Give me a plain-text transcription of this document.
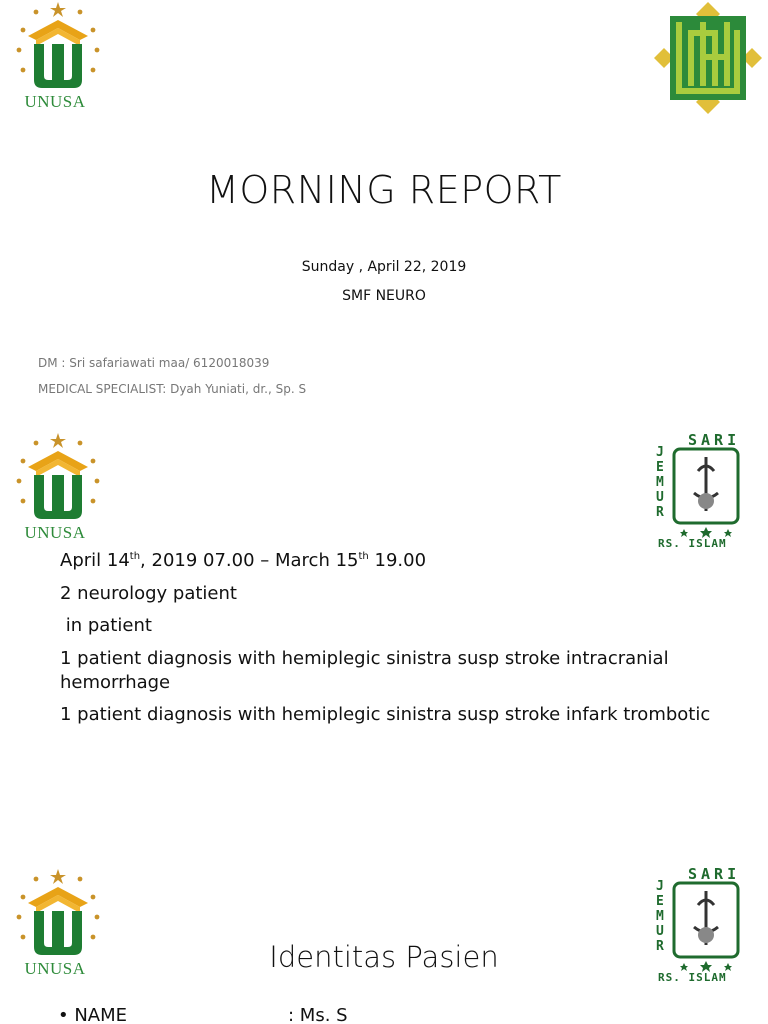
UNUSA
MORNING REPORT
Sunday , April 22, 2019
SMF NEURO
DM : Sri safariawati maa/ 6120018039
MEDICAL SPECIALIST: Dyah Yuniati, dr., Sp. S
UNUSA
SARI
JEMUR
RS. ISLAM
April 14th, 2019 07.00 – March 15th 19.00
2 neurology patient
in patient
1 patient diagnosis with hemiplegic sinistra susp stroke intracranial hemorrhage
1 patient diagnosis with hemiplegic sinistra susp stroke infark trombotic
UNUSA
SARI
JEMUR
RS. ISLAM
Identitas Pasien
• NAME	: Ms. S
